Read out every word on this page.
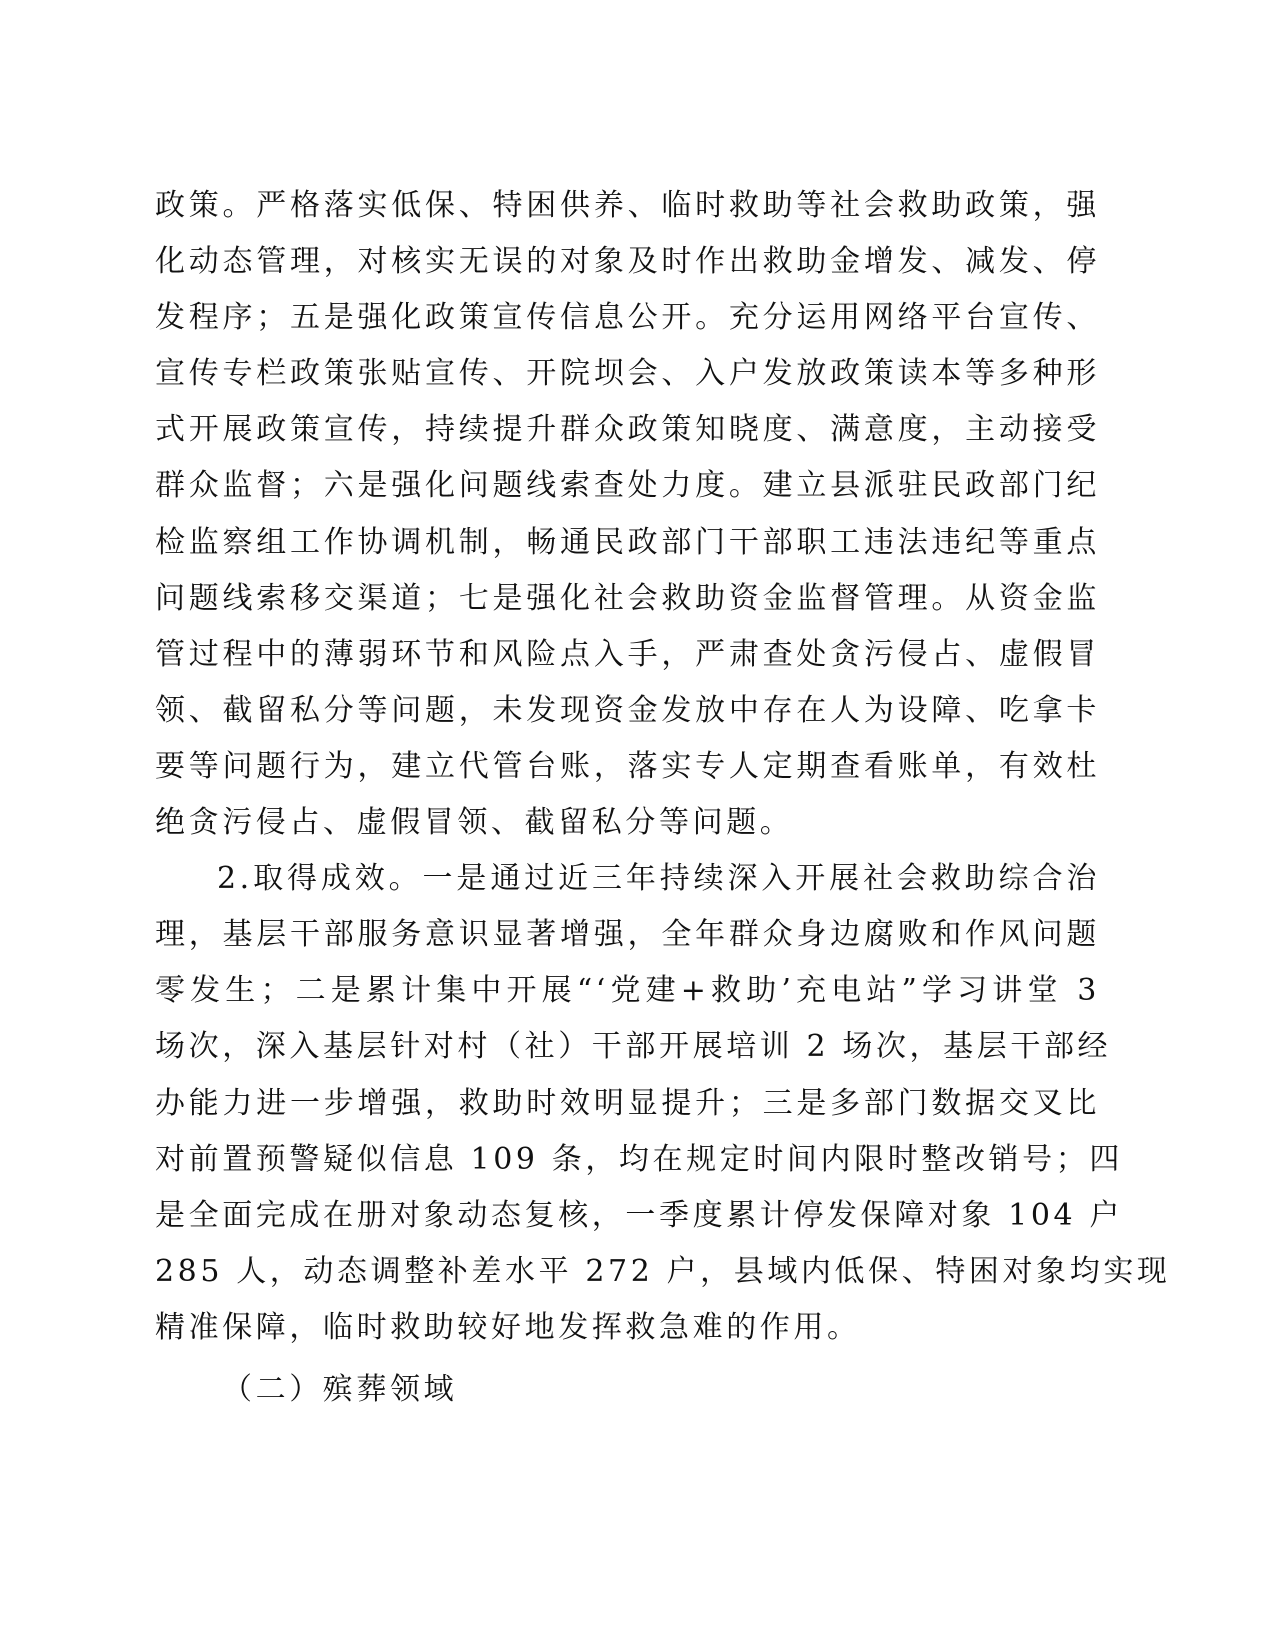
政策。严格落实低保、特困供养、临时救助等社会救助政策，强
化动态管理，对核实无误的对象及时作出救助金增发、减发、停
发程序；五是强化政策宣传信息公开。充分运用网络平台宣传、
宣传专栏政策张贴宣传、开院坝会、入户发放政策读本等多种形
式开展政策宣传，持续提升群众政策知晓度、满意度，主动接受
群众监督；六是强化问题线索查处力度。建立县派驻民政部门纪
检监察组工作协调机制，畅通民政部门干部职工违法违纪等重点
问题线索移交渠道；七是强化社会救助资金监督管理。从资金监
管过程中的薄弱环节和风险点入手，严肃查处贪污侵占、虚假冒
领、截留私分等问题，未发现资金发放中存在人为设障、吃拿卡
要等问题行为，建立代管台账，落实专人定期查看账单，有效杜
绝贪污侵占、虚假冒领、截留私分等问题。
2.取得成效。一是通过近三年持续深入开展社会救助综合治
理，基层干部服务意识显著增强，全年群众身边腐败和作风问题
零发生；二是累计集中开展“‘党建+救助’充电站”学习讲堂 3
场次，深入基层针对村（社）干部开展培训 2 场次，基层干部经
办能力进一步增强，救助时效明显提升；三是多部门数据交叉比
对前置预警疑似信息 109 条，均在规定时间内限时整改销号；四
是全面完成在册对象动态复核，一季度累计停发保障对象 104 户
285 人，动态调整补差水平 272 户，县域内低保、特困对象均实现
精准保障，临时救助较好地发挥救急难的作用。
（二）殡葬领域
